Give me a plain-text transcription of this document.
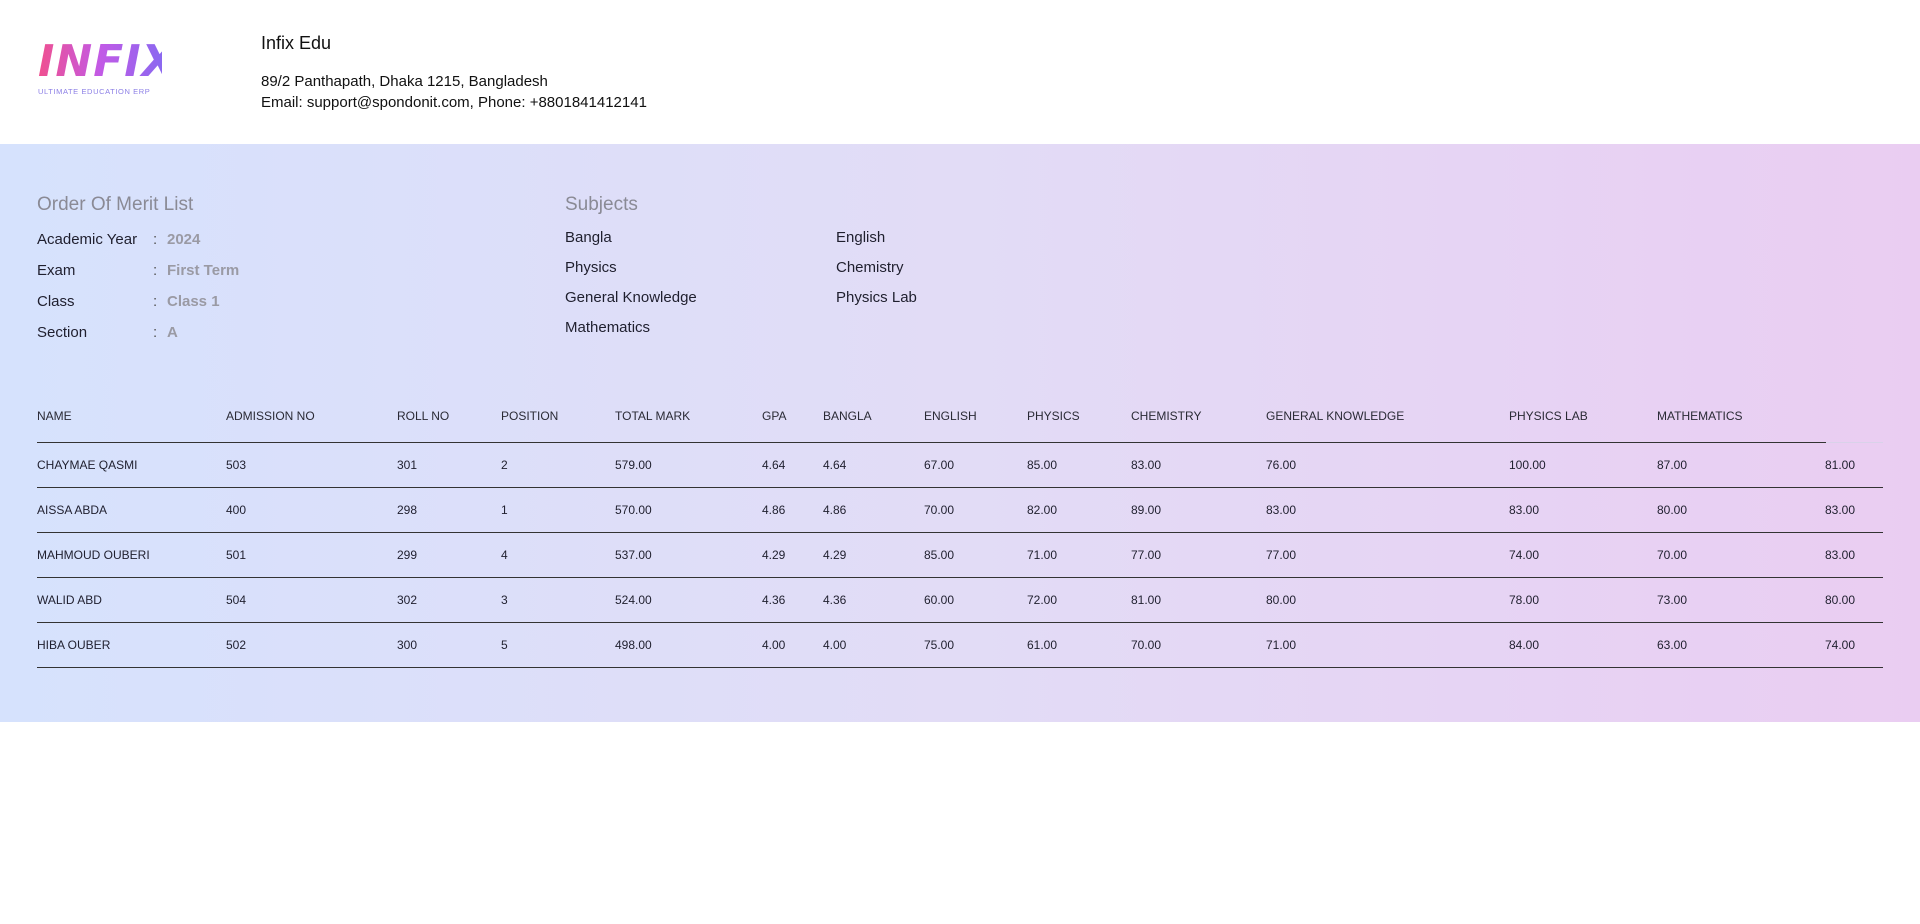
INFIX
ULTIMATE EDUCATION ERP
Infix Edu
89/2 Panthapath, Dhaka 1215, Bangladesh
Email: support@spondonit.com, Phone: +8801841412141
Order Of Merit List
Academic Year	: 2024
Exam	: First Term
Class	: Class 1
Section	: A
Subjects
Bangla	English
Physics	Chemistry
General Knowledge	Physics Lab
Mathematics
NAME	ADMISSION NO	ROLL NO	POSITION	TOTAL MARK	GPA	BANGLA	ENGLISH	PHYSICS	CHEMISTRY	GENERAL KNOWLEDGE	PHYSICS LAB	MATHEMATICS
CHAYMAE QASMI	503	301	2	579.00	4.64	4.64	67.00	85.00	83.00	76.00	100.00	87.00	81.00
AISSA ABDA	400	298	1	570.00	4.86	4.86	70.00	82.00	89.00	83.00	83.00	80.00	83.00
MAHMOUD OUBERI	501	299	4	537.00	4.29	4.29	85.00	71.00	77.00	77.00	74.00	70.00	83.00
WALID ABD	504	302	3	524.00	4.36	4.36	60.00	72.00	81.00	80.00	78.00	73.00	80.00
HIBA OUBER	502	300	5	498.00	4.00	4.00	75.00	61.00	70.00	71.00	84.00	63.00	74.00
